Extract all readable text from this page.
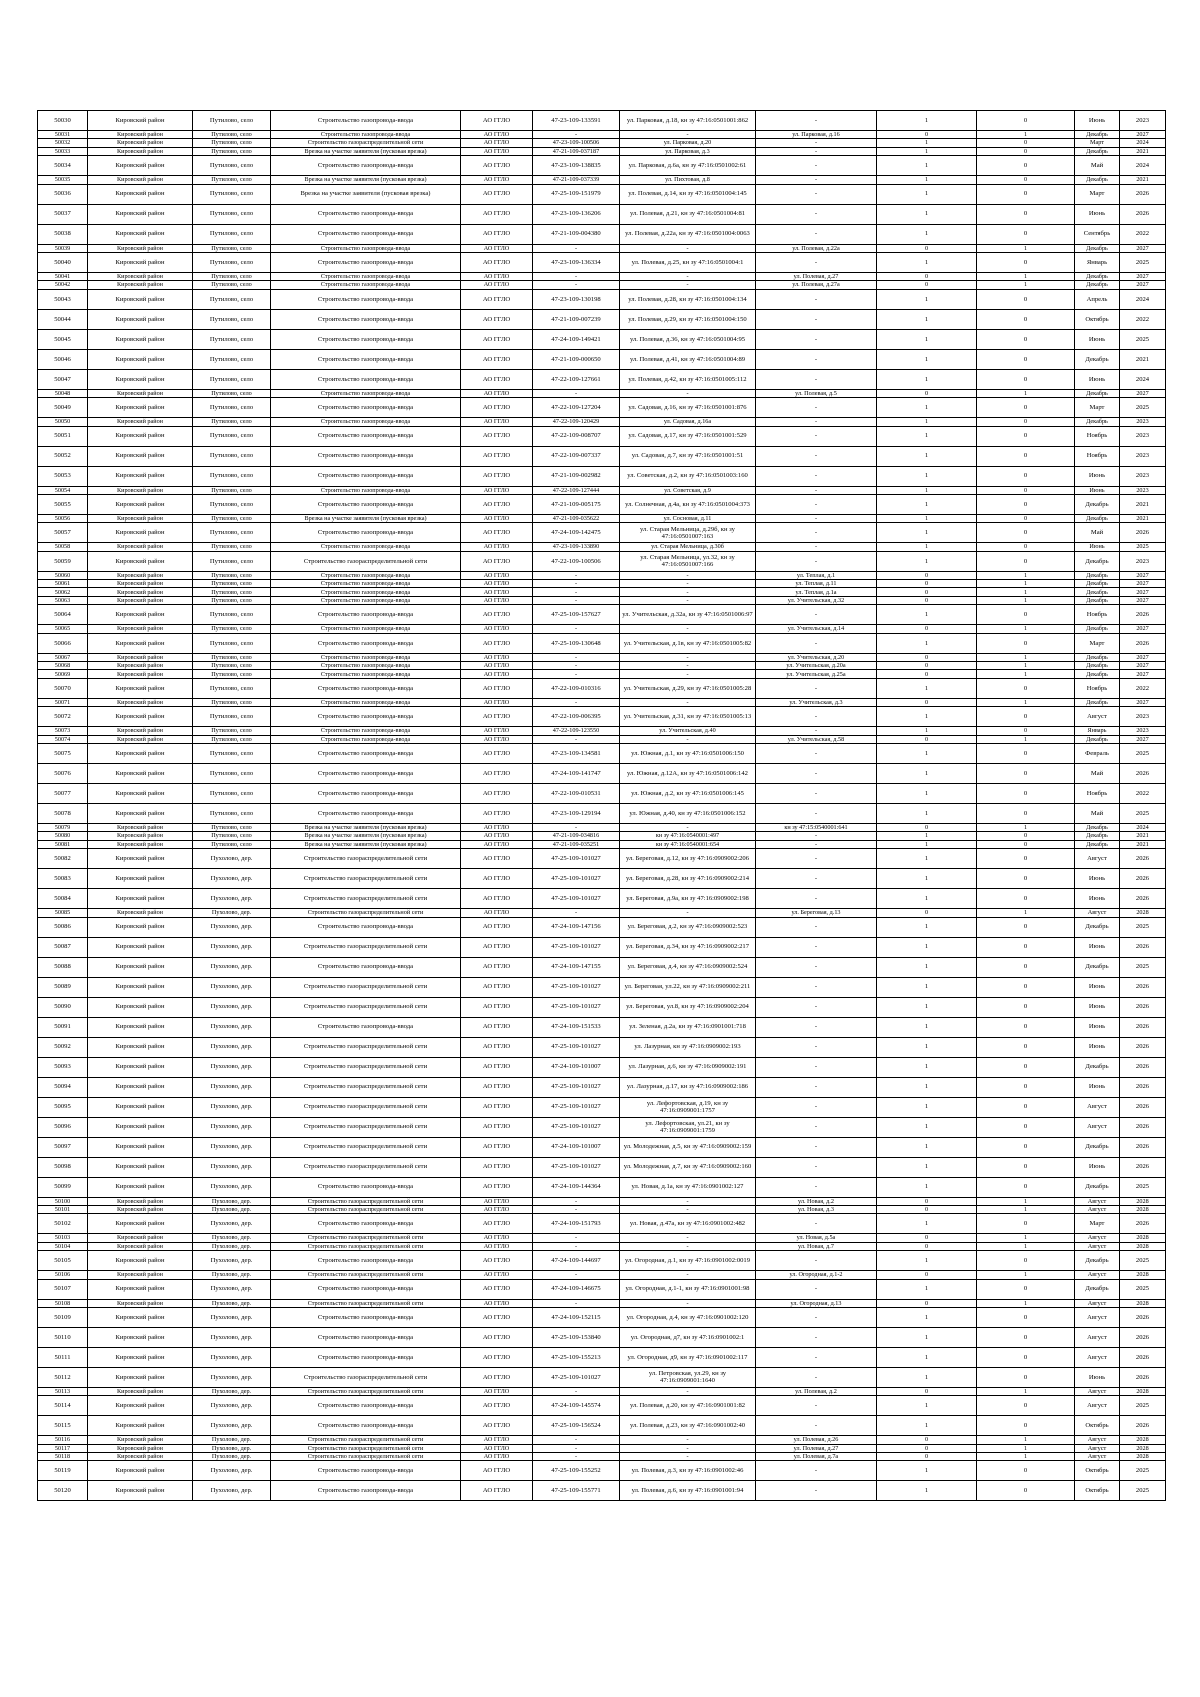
50030	Кировский район	Путилово, село	Строительство газопровода-ввода	АО ГГЛО	47-23-109-133591	ул. Парковая, д.18, кн зу 47:16:0501001:862	-	1	0	Июнь	2023
50031	Кировский район	Путилово, село	Строительство газопровода-ввода	АО ГГЛО	-	-	ул. Парковая, д.16	0	1	Декабрь	2027
50032	Кировский район	Путилово, село	Строительство газораспределительной сети	АО ГГЛО	47-23-109-100506	ул. Парковая, д.20	-	1	0	Март	2024
50033	Кировский район	Путилово, село	Врезка на участке заявителя (пусковая врезка)	АО ГГЛО	47-21-109-037187	ул. Парковая, д.3	-	1	0	Декабрь	2021
50034	Кировский район	Путилово, село	Строительство газопровода-ввода	АО ГГЛО	47-23-109-138835	ул. Парковая, д.6а, кн зу 47:16:0501002:61	-	1	0	Май	2024
50035	Кировский район	Путилово, село	Врезка на участке заявителя (пусковая врезка)	АО ГГЛО	47-21-109-037339	ул. Пихтовая, д.8	-	1	0	Декабрь	2021
50036	Кировский район	Путилово, село	Врезка на участке заявителя (пусковая врезка)	АО ГГЛО	47-25-109-151979	ул. Полевая, д.14, кн зу 47:16:0501004:145	-	1	0	Март	2026
50037	Кировский район	Путилово, село	Строительство газопровода-ввода	АО ГГЛО	47-23-109-136206	ул. Полевая, д.21, кн зу 47:16:0501004:81	-	1	0	Июнь	2026
50038	Кировский район	Путилово, село	Строительство газопровода-ввода	АО ГГЛО	47-21-109-004380	ул. Полевая, д.22а, кн зу 47:16:0501004:0063	-	1	0	Сентябрь	2022
50039	Кировский район	Путилово, село	Строительство газопровода-ввода	АО ГГЛО	-	-	ул. Полевая, д.22а	0	1	Декабрь	2027
50040	Кировский район	Путилово, село	Строительство газопровода-ввода	АО ГГЛО	47-23-109-136334	ул. Полевая, д.25, кн зу 47:16:0501004:1	-	1	0	Январь	2025
50041	Кировский район	Путилово, село	Строительство газопровода-ввода	АО ГГЛО	-	-	ул. Полевая, д.27	0	1	Декабрь	2027
50042	Кировский район	Путилово, село	Строительство газопровода-ввода	АО ГГЛО	-	-	ул. Полевая, д.27а	0	1	Декабрь	2027
50043	Кировский район	Путилово, село	Строительство газопровода-ввода	АО ГГЛО	47-23-109-130198	ул. Полевая, д.28, кн зу 47:16:0501004:134	-	1	0	Апрель	2024
50044	Кировский район	Путилово, село	Строительство газопровода-ввода	АО ГГЛО	47-21-109-007239	ул. Полевая, д.29, кн зу 47:16:0501004:150	-	1	0	Октябрь	2022
50045	Кировский район	Путилово, село	Строительство газопровода-ввода	АО ГГЛО	47-24-109-149421	ул. Полевая, д.36, кн зу 47:16:0501004:95	-	1	0	Июнь	2025
50046	Кировский район	Путилово, село	Строительство газопровода-ввода	АО ГГЛО	47-21-109-000650	ул. Полевая, д.41, кн зу 47:16:0501004:89	-	1	0	Декабрь	2021
50047	Кировский район	Путилово, село	Строительство газопровода-ввода	АО ГГЛО	47-22-109-127661	ул. Полевая, д.42, кн зу 47:16:0501005:112	-	1	0	Июнь	2024
50048	Кировский район	Путилово, село	Строительство газопровода-ввода	АО ГГЛО	-	-	ул. Полевая, д.5	0	1	Декабрь	2027
50049	Кировский район	Путилово, село	Строительство газопровода-ввода	АО ГГЛО	47-22-109-127204	ул. Садовая, д.16, кн зу 47:16:0501001:876	-	1	0	Март	2025
50050	Кировский район	Путилово, село	Строительство газопровода-ввода	АО ГГЛО	47-22-109-120429	ул. Садовая, д.16а	-	1	0	Декабрь	2023
50051	Кировский район	Путилово, село	Строительство газопровода-ввода	АО ГГЛО	47-22-109-008707	ул. Садовая, д.17, кн зу 47:16:0501001:529	-	1	0	Ноябрь	2023
50052	Кировский район	Путилово, село	Строительство газопровода-ввода	АО ГГЛО	47-22-109-007337	ул. Садовая, д.7, кн зу 47:16:0501001:51	-	1	0	Ноябрь	2023
50053	Кировский район	Путилово, село	Строительство газопровода-ввода	АО ГГЛО	47-21-109-002982	ул. Советская, д.2, кн зу 47:16:0501003:160	-	1	0	Июнь	2023
50054	Кировский район	Путилово, село	Строительство газопровода-ввода	АО ГГЛО	47-22-109-127444	ул. Советская, д.9	-	1	0	Июнь	2023
50055	Кировский район	Путилово, село	Строительство газопровода-ввода	АО ГГЛО	47-21-109-005175	ул. Солнечная, д.4а, кн зу 47:16:0501004:373	-	1	0	Декабрь	2021
50056	Кировский район	Путилово, село	Врезка на участке заявителя (пусковая врезка)	АО ГГЛО	47-21-109-035622	ул. Сосновая, д.11	-	1	0	Декабрь	2021
50057	Кировский район	Путилово, село	Строительство газопровода-ввода	АО ГГЛО	47-24-109-142475	ул. Старая Мельница, д.29б, кн зу 47:16:0501007:163	-	1	0	Май	2026
50058	Кировский район	Путилово, село	Строительство газопровода-ввода	АО ГГЛО	47-23-109-133890	ул. Старая Мельница, д.30б	-	1	0	Июнь	2025
50059	Кировский район	Путилово, село	Строительство газораспределительной сети	АО ГГЛО	47-22-109-100506	ул. Старая Мельница, ул.32, кн зу 47:16:0501007:166	-	1	0	Декабрь	2023
50060	Кировский район	Путилово, село	Строительство газопровода-ввода	АО ГГЛО	-	-	ул. Теплая, д.1	0	1	Декабрь	2027
50061	Кировский район	Путилово, село	Строительство газопровода-ввода	АО ГГЛО	-	-	ул. Теплая, д.11	0	1	Декабрь	2027
50062	Кировский район	Путилово, село	Строительство газопровода-ввода	АО ГГЛО	-	-	ул. Теплая, д.1а	0	1	Декабрь	2027
50063	Кировский район	Путилово, село	Строительство газопровода-ввода	АО ГГЛО	-	-	ул. Учительская, д.32	0	1	Декабрь	2027
50064	Кировский район	Путилово, село	Строительство газопровода-ввода	АО ГГЛО	47-25-109-157627	ул. Учительская, д.32а, кн зу 47:16:0501006:97	-	1	0	Ноябрь	2026
50065	Кировский район	Путилово, село	Строительство газопровода-ввода	АО ГГЛО	-	-	ул. Учительская, д.14	0	1	Декабрь	2027
50066	Кировский район	Путилово, село	Строительство газопровода-ввода	АО ГГЛО	47-25-109-130648	ул. Учительская, д.1в, кн зу 47:16:0501005:82	-	1	0	Март	2026
50067	Кировский район	Путилово, село	Строительство газопровода-ввода	АО ГГЛО	-	-	ул. Учительская, д.20	0	1	Декабрь	2027
50068	Кировский район	Путилово, село	Строительство газопровода-ввода	АО ГГЛО	-	-	ул. Учительская, д.20а	0	1	Декабрь	2027
50069	Кировский район	Путилово, село	Строительство газопровода-ввода	АО ГГЛО	-	-	ул. Учительская, д.25а	0	1	Декабрь	2027
50070	Кировский район	Путилово, село	Строительство газопровода-ввода	АО ГГЛО	47-22-109-010316	ул. Учительская, д.29, кн зу 47:16:0501005:28	-	1	0	Ноябрь	2022
50071	Кировский район	Путилово, село	Строительство газопровода-ввода	АО ГГЛО	-	-	ул. Учительская, д.3	0	1	Декабрь	2027
50072	Кировский район	Путилово, село	Строительство газопровода-ввода	АО ГГЛО	47-22-109-006395	ул. Учительская, д.31, кн зу 47:16:0501005:13	-	1	0	Август	2023
50073	Кировский район	Путилово, село	Строительство газопровода-ввода	АО ГГЛО	47-22-109-123550	ул. Учительская, д.40	-	1	0	Январь	2023
50074	Кировский район	Путилово, село	Строительство газопровода-ввода	АО ГГЛО	-	-	ул. Учительская, д.58	0	1	Декабрь	2027
50075	Кировский район	Путилово, село	Строительство газопровода-ввода	АО ГГЛО	47-23-109-134581	ул. Южная, д.1, кн зу 47:16:0501006:150	-	1	0	Февраль	2025
50076	Кировский район	Путилово, село	Строительство газопровода-ввода	АО ГГЛО	47-24-109-141747	ул. Южная, д.12А, кн зу 47:16:0501006:142	-	1	0	Май	2026
50077	Кировский район	Путилово, село	Строительство газопровода-ввода	АО ГГЛО	47-22-109-010531	ул. Южная, д.2, кн зу 47:16:0501006:145	-	1	0	Ноябрь	2022
50078	Кировский район	Путилово, село	Строительство газопровода-ввода	АО ГГЛО	47-23-109-129194	ул. Южная, д.40, кн зу 47:16:0501006:152	-	1	0	Май	2025
50079	Кировский район	Путилово, село	Врезка на участке заявителя (пусковая врезка)	АО ГГЛО	-	-	кн зу 47:15:0540001:641	0	1	Декабрь	2024
50080	Кировский район	Путилово, село	Врезка на участке заявителя (пусковая врезка)	АО ГГЛО	47-21-109-034816	кн зу 47:16:0540001:497	-	1	0	Декабрь	2021
50081	Кировский район	Путилово, село	Врезка на участке заявителя (пусковая врезка)	АО ГГЛО	47-21-109-035251	кн зу 47:16:0540001:654	-	1	0	Декабрь	2021
50082	Кировский район	Пухолово, дер.	Строительство газораспределительной сети	АО ГГЛО	47-25-109-101027	ул. Береговая, д.12, кн зу 47:16:0909002:206	-	1	0	Август	2026
50083	Кировский район	Пухолово, дер.	Строительство газораспределительной сети	АО ГГЛО	47-25-109-101027	ул. Береговая, д.28, кн зу 47:16:0909002:214	-	1	0	Июнь	2026
50084	Кировский район	Пухолово, дер.	Строительство газораспределительной сети	АО ГГЛО	47-25-109-101027	ул. Береговая, д.9а, кн зу 47:16:0909002:198	-	1	0	Июнь	2026
50085	Кировский район	Пухолово, дер.	Строительство газораспределительной сети	АО ГГЛО	-	-	ул. Береговая, д.13	0	1	Август	2028
50086	Кировский район	Пухолово, дер.	Строительство газопровода-ввода	АО ГГЛО	47-24-109-147156	ул. Береговая, д.2, кн зу 47:16:0909002:523	-	1	0	Декабрь	2025
50087	Кировский район	Пухолово, дер.	Строительство газораспределительной сети	АО ГГЛО	47-25-109-101027	ул. Береговая, д.34, кн зу 47:16:0909002:217	-	1	0	Июнь	2026
50088	Кировский район	Пухолово, дер.	Строительство газопровода-ввода	АО ГГЛО	47-24-109-147155	ул. Береговая, д.4, кн зу 47:16:0909002:524	-	1	0	Декабрь	2025
50089	Кировский район	Пухолово, дер.	Строительство газораспределительной сети	АО ГГЛО	47-25-109-101027	ул. Береговая, ул.22, кн зу 47:16:0909002:211	-	1	0	Июнь	2026
50090	Кировский район	Пухолово, дер.	Строительство газораспределительной сети	АО ГГЛО	47-25-109-101027	ул. Береговая, ул.8, кн зу 47:16:0909002:204	-	1	0	Июнь	2026
50091	Кировский район	Пухолово, дер.	Строительство газопровода-ввода	АО ГГЛО	47-24-109-151533	ул. Зеленая, д.2а, кн зу 47:16:0901001:718	-	1	0	Июнь	2026
50092	Кировский район	Пухолово, дер.	Строительство газораспределительной сети	АО ГГЛО	47-25-109-101027	ул. Лазурная, кн зу 47:16:0909002:193	-	1	0	Июнь	2026
50093	Кировский район	Пухолово, дер.	Строительство газораспределительной сети	АО ГГЛО	47-24-109-101007	ул. Лазурная, д.6, кн зу 47:16:0909002:191	-	1	0	Декабрь	2026
50094	Кировский район	Пухолово, дер.	Строительство газораспределительной сети	АО ГГЛО	47-25-109-101027	ул. Лазурная, д.17, кн зу 47:16:0909002:186	-	1	0	Июнь	2026
50095	Кировский район	Пухолово, дер.	Строительство газораспределительной сети	АО ГГЛО	47-25-109-101027	ул. Лефортовская, д.19, кн зу 47:16:0909001:1757	-	1	0	Август	2026
50096	Кировский район	Пухолово, дер.	Строительство газораспределительной сети	АО ГГЛО	47-25-109-101027	ул. Лефортовская, ул.21, кн зу 47:16:0909001:1759	-	1	0	Август	2026
50097	Кировский район	Пухолово, дер.	Строительство газораспределительной сети	АО ГГЛО	47-24-109-101007	ул. Молодежная, д.5, кн зу 47:16:0909002:159	-	1	0	Декабрь	2026
50098	Кировский район	Пухолово, дер.	Строительство газораспределительной сети	АО ГГЛО	47-25-109-101027	ул. Молодежная, д.7, кн зу 47:16:0909002:160	-	1	0	Июнь	2026
50099	Кировский район	Пухолово, дер.	Строительство газопровода-ввода	АО ГГЛО	47-24-109-144364	ул. Новая, д.1а, кн зу 47:16:0901002:127	-	1	0	Декабрь	2025
50100	Кировский район	Пухолово, дер.	Строительство газораспределительной сети	АО ГГЛО	-	-	ул. Новая, д.2	0	1	Август	2028
50101	Кировский район	Пухолово, дер.	Строительство газораспределительной сети	АО ГГЛО	-	-	ул. Новая, д.3	0	1	Август	2028
50102	Кировский район	Пухолово, дер.	Строительство газопровода-ввода	АО ГГЛО	47-24-109-151793	ул. Новая, д.47а, кн зу 47:16:0901002:482	-	1	0	Март	2026
50103	Кировский район	Пухолово, дер.	Строительство газораспределительной сети	АО ГГЛО	-	-	ул. Новая, д.5а	0	1	Август	2028
50104	Кировский район	Пухолово, дер.	Строительство газораспределительной сети	АО ГГЛО	-	-	ул. Новая, д.7	0	1	Август	2028
50105	Кировский район	Пухолово, дер.	Строительство газопровода-ввода	АО ГГЛО	47-24-109-144697	ул. Огородная, д.1, кн зу 47:16:0901002:0019	-	1	0	Декабрь	2025
50106	Кировский район	Пухолово, дер.	Строительство газораспределительной сети	АО ГГЛО	-	-	ул. Огородная, д.1-2	0	1	Август	2028
50107	Кировский район	Пухолово, дер.	Строительство газопровода-ввода	АО ГГЛО	47-24-109-146675	ул. Огородная, д.1-1, кн зу 47:16:0901001:98	-	1	0	Декабрь	2025
50108	Кировский район	Пухолово, дер.	Строительство газораспределительной сети	АО ГГЛО	-	-	ул. Огородная, д.13	0	1	Август	2028
50109	Кировский район	Пухолово, дер.	Строительство газопровода-ввода	АО ГГЛО	47-24-109-152115	ул. Огородная, д.4, кн зу 47:16:0901002:120	-	1	0	Август	2026
50110	Кировский район	Пухолово, дер.	Строительство газопровода-ввода	АО ГГЛО	47-25-109-153840	ул. Огородная, д7, кн зу 47:16:0901002:1	-	1	0	Август	2026
50111	Кировский район	Пухолово, дер.	Строительство газопровода-ввода	АО ГГЛО	47-25-109-155213	ул. Огородная, д9, кн зу 47:16:0901002:117	-	1	0	Август	2026
50112	Кировский район	Пухолово, дер.	Строительство газораспределительной сети	АО ГГЛО	47-25-109-101027	ул. Петровская, ул.29, кн зу 47:16:0909001:1640	-	1	0	Июнь	2026
50113	Кировский район	Пухолово, дер.	Строительство газораспределительной сети	АО ГГЛО	-	-	ул. Полевая, д.2	0	1	Август	2028
50114	Кировский район	Пухолово, дер.	Строительство газопровода-ввода	АО ГГЛО	47-24-109-145574	ул. Полевая, д.20, кн зу 47:16:0901001:82	-	1	0	Август	2025
50115	Кировский район	Пухолово, дер.	Строительство газопровода-ввода	АО ГГЛО	47-25-109-156524	ул. Полевая, д.23, кн зу 47:16:0901002:40	-	1	0	Октябрь	2026
50116	Кировский район	Пухолово, дер.	Строительство газораспределительной сети	АО ГГЛО	-	-	ул. Полевая, д.26	0	1	Август	2028
50117	Кировский район	Пухолово, дер.	Строительство газораспределительной сети	АО ГГЛО	-	-	ул. Полевая, д.27	0	1	Август	2028
50118	Кировский район	Пухолово, дер.	Строительство газораспределительной сети	АО ГГЛО	-	-	ул. Полевая, д.7а	0	1	Август	2028
50119	Кировский район	Пухолово, дер.	Строительство газопровода-ввода	АО ГГЛО	47-25-109-155252	ул. Полевая, д.3, кн зу 47:16:0901002:46	-	1	0	Октябрь	2025
50120	Кировский район	Пухолово, дер.	Строительство газопровода-ввода	АО ГГЛО	47-25-109-155771	ул. Полевая, д.6, кн зу 47:16:0901001:94	-	1	0	Октябрь	2025
